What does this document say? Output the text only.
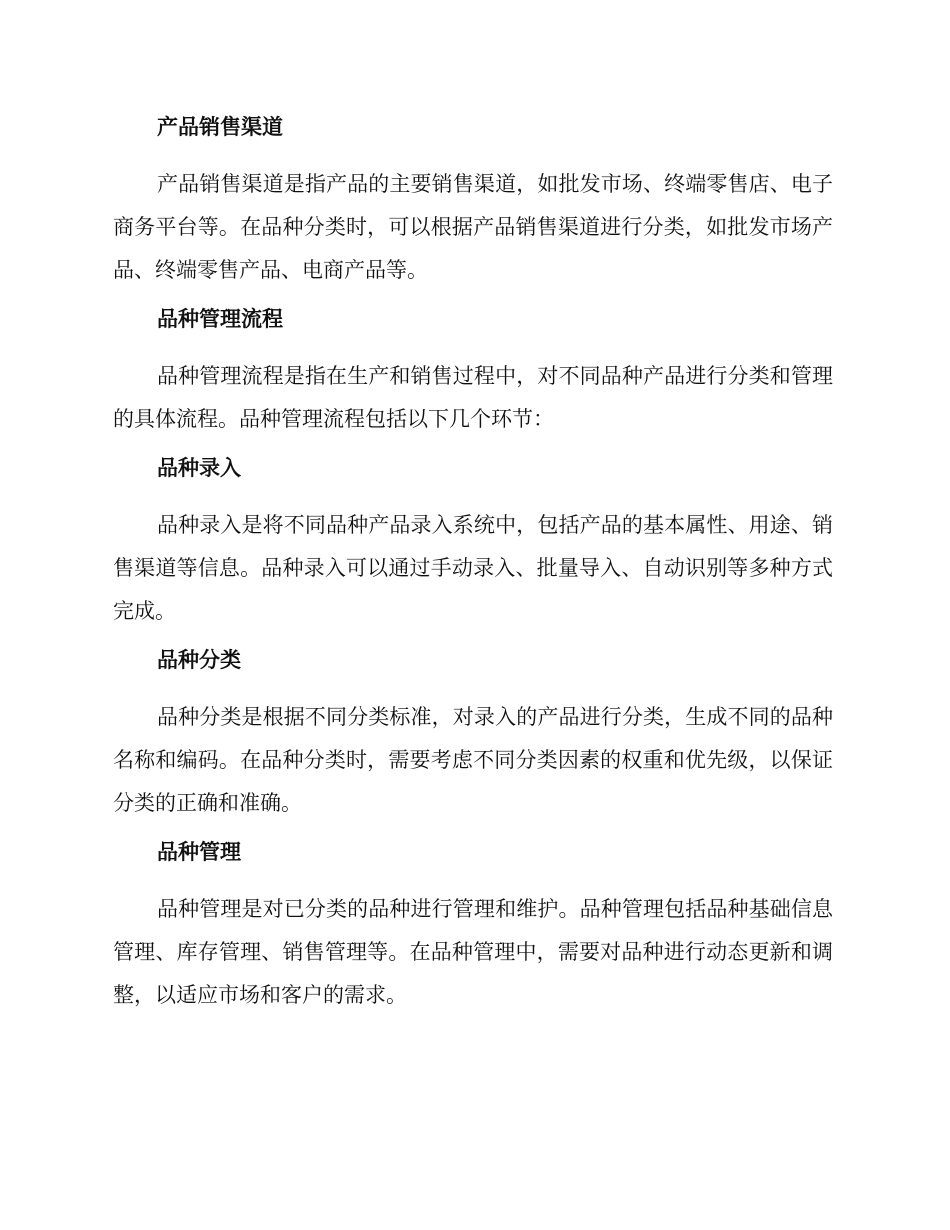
产品销售渠道

产品销售渠道是指产品的主要销售渠道，如批发市场、终端零售店、电子商务平台等。在品种分类时，可以根据产品销售渠道进行分类，如批发市场产品、终端零售产品、电商产品等。

品种管理流程

品种管理流程是指在生产和销售过程中，对不同品种产品进行分类和管理的具体流程。品种管理流程包括以下几个环节：

品种录入

品种录入是将不同品种产品录入系统中，包括产品的基本属性、用途、销售渠道等信息。品种录入可以通过手动录入、批量导入、自动识别等多种方式完成。

品种分类

品种分类是根据不同分类标准，对录入的产品进行分类，生成不同的品种名称和编码。在品种分类时，需要考虑不同分类因素的权重和优先级，以保证分类的正确和准确。

品种管理

品种管理是对已分类的品种进行管理和维护。品种管理包括品种基础信息管理、库存管理、销售管理等。在品种管理中，需要对品种进行动态更新和调整，以适应市场和客户的需求。
